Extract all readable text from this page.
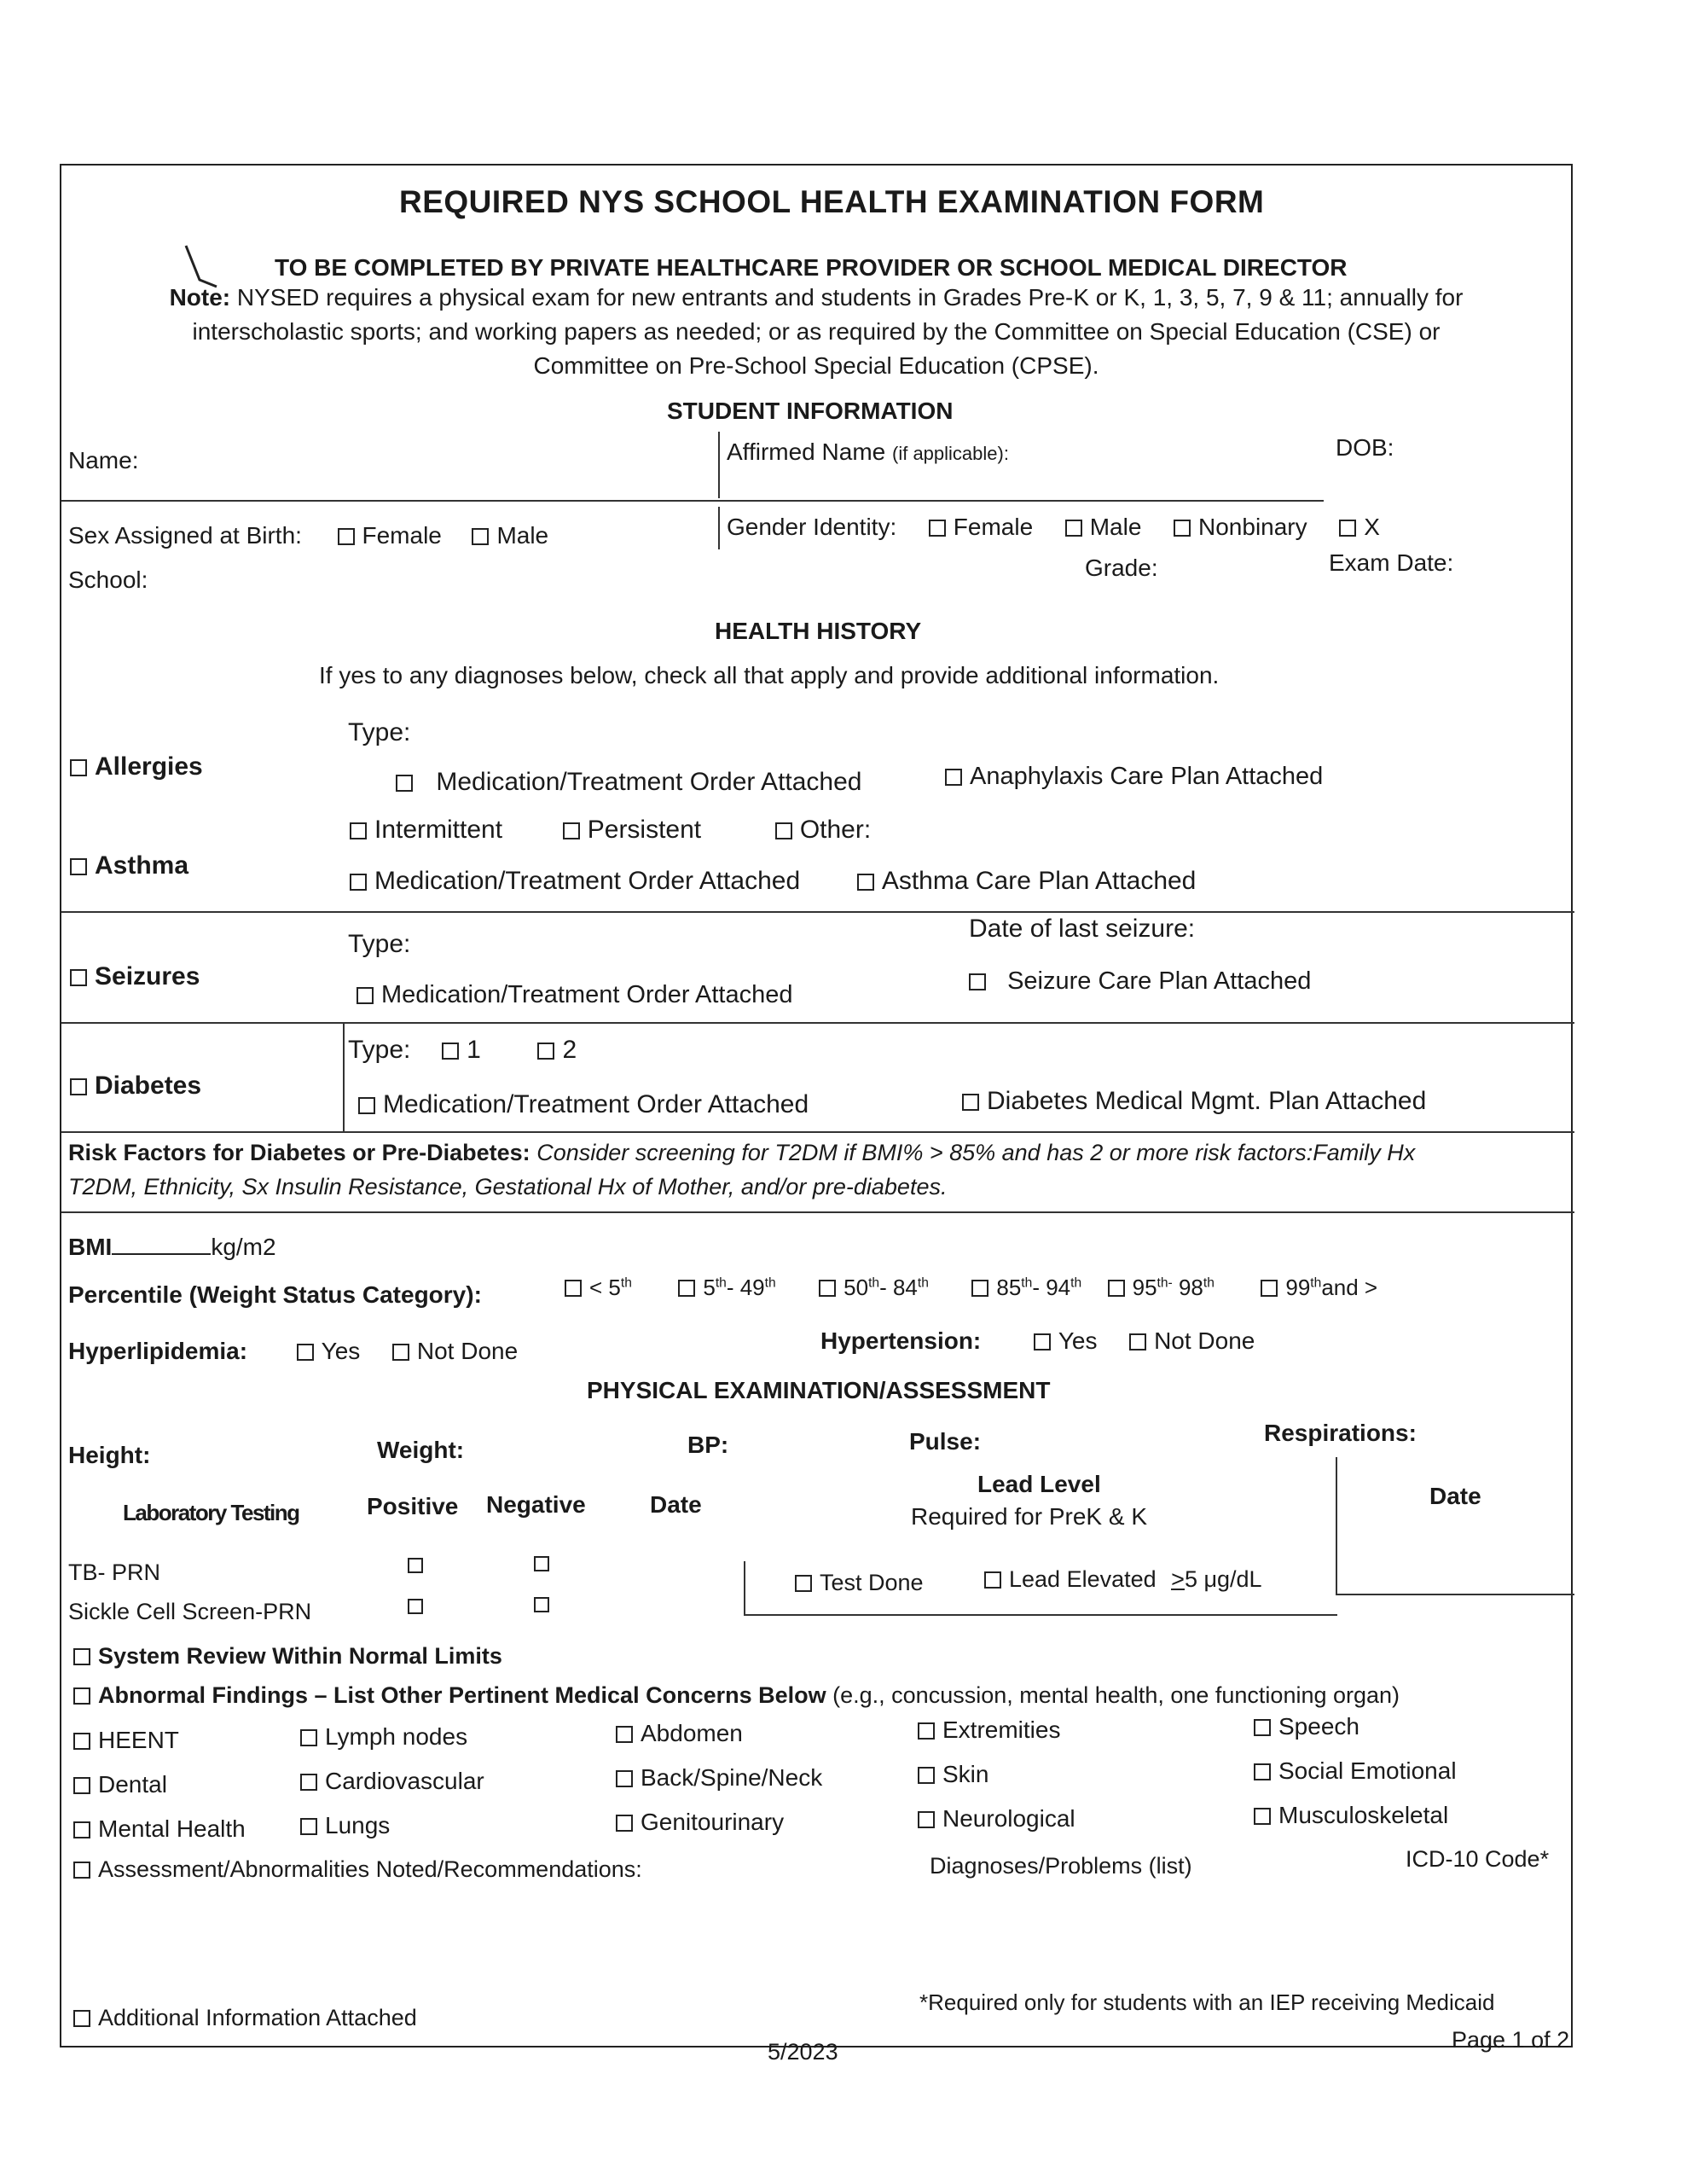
REQUIRED NYS SCHOOL HEALTH EXAMINATION FORM
TO BE COMPLETED BY PRIVATE HEALTHCARE PROVIDER OR SCHOOL MEDICAL DIRECTOR
Note: NYSED requires a physical exam for new entrants and students in Grades Pre-K or K, 1, 3, 5, 7, 9 & 11; annually for
interscholastic sports; and working papers as needed; or as required by the Committee on Special Education (CSE) or
Committee on Pre-School Special Education (CPSE).
STUDENT INFORMATION
Name:	Affirmed Name (if applicable):	DOB:
Sex Assigned at Birth:	Female Male	Gender Identity: Female Male Nonbinary X
School:	Grade:	Exam Date:
HEALTH HISTORY
If yes to any diagnoses below, check all that apply and provide additional information.
Allergies
Type:
Medication/Treatment Order Attached	Anaphylaxis Care Plan Attached
Asthma
Intermittent	Persistent	Other:
Medication/Treatment Order Attached	Asthma Care Plan Attached
Seizures
Type:
Date of last seizure:
Medication/Treatment Order Attached	Seizure Care Plan Attached
Diabetes
Type: 1	2
Medication/Treatment Order Attached	Diabetes Medical Mgmt. Plan Attached
Risk Factors for Diabetes or Pre-Diabetes: Consider screening for T2DM if BMI% > 85% and has 2 or more risk factors:Family Hx
T2DM, Ethnicity, Sx Insulin Resistance, Gestational Hx of Mother, and/or pre-diabetes.
BMI	kg/m2
Percentile (Weight Status Category):	< 5th	5th- 49th	50th- 84th	85th- 94th $95^{th-}$ 98th	99thand >
Hyperlipidemia:	Yes Not Done	Hypertension:	Yes Not Done
PHYSICAL EXAMINATION/ASSESSMENT
Height:	Weight:	BP:	Pulse:	Respirations:
Laboratory Testing	Positive Negative	Date
Lead Level
Required for PreK & K
Date
TB- PRN
Sickle Cell Screen-PRN
Test Done	Lead Elevated >5 μg/dL
System Review Within Normal Limits
Abnormal Findings – List Other Pertinent Medical Concerns Below (e.g., concussion, mental health, one functioning organ)
HEENT	Lymph nodes	Abdomen	Extremities	Speech
Dental	Cardiovascular	Back/Spine/Neck	Skin	Social Emotional
Mental Health	Lungs	Genitourinary	Neurological	Musculoskeletal
Assessment/Abnormalities Noted/Recommendations:	Diagnoses/Problems (list)	ICD-10 Code*
*Required only for students with an IEP receiving Medicaid
Additional Information Attached
5/2023	Page 1 of 2
